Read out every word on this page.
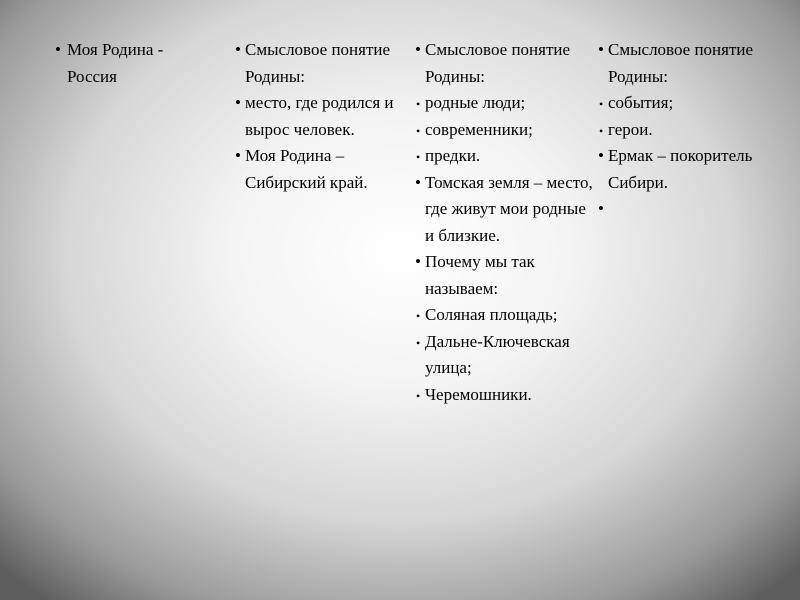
• Моя Родина - Россия
• Смысловое понятие Родины:
• место, где родился и вырос человек.
• Моя Родина – Сибирский край.
• Смысловое понятие Родины:
• родные люди;
• современники;
• предки.
• Томская земля – место, где живут мои родные и близкие.
• Почему мы так называем:
• Соляная площадь;
• Дальне-Ключевская улица;
• Черемошники.
• Смысловое понятие Родины:
• события;
• герои.
• Ермак – покоритель Сибири.
•
